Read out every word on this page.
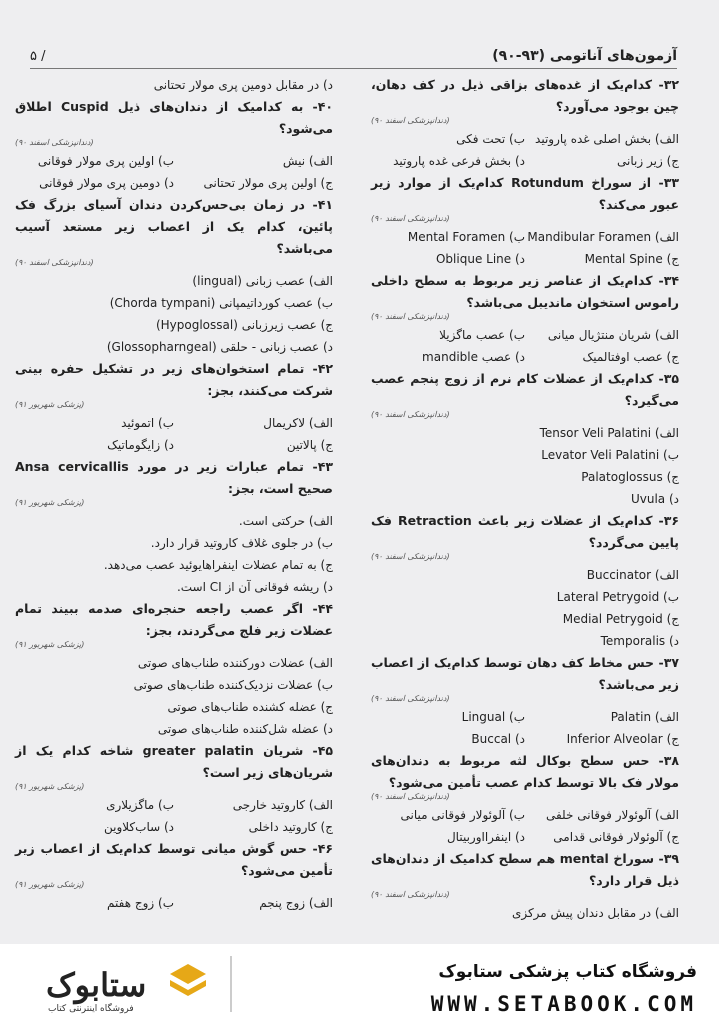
آزمون‌های آناتومی (۹۳-۹۰)
۵ /
۳۲- کدام‌یک از غده‌های بزاقی ذیل در کف دهان، چین بوجود می‌آورد؟
(دندانپزشکی اسفند ۹۰)
الف) بخش اصلی غده پاروتید
ب) تحت فکی
ج) زیر زبانی
د) بخش فرعی غده پاروتید
۳۳- از سوراخ Rotundum کدام‌یک از موارد زیر عبور می‌کند؟
(دندانپزشکی اسفند ۹۰)
الف) Mandibular Foramen
ب) Mental Foramen
ج) Mental Spine
د) Oblique Line
۳۴- کدام‌یک از عناصر زیر مربوط به سطح داخلی راموس استخوان ماندیبل می‌باشد؟
(دندانپزشکی اسفند ۹۰)
الف) شریان منتژیال میانی
ب) عصب ماگزیلا
ج) عصب اوفتالمیک
د) عصب mandible
۳۵- کدام‌یک از عضلات کام نرم از زوج پنجم عصب می‌گیرد؟
(دندانپزشکی اسفند ۹۰)
الف) Tensor Veli Palatini
ب) Levator Veli Palatini
ج) Palatoglossus
د) Uvula
۳۶- کدام‌یک از عضلات زیر باعث Retraction فک پایین می‌گردد؟
(دندانپزشکی اسفند ۹۰)
الف) Buccinator
ب) Lateral Petrygoid
ج) Medial Petrygoid
د) Temporalis
۳۷- حس مخاط کف دهان توسط کدام‌یک از اعصاب زیر می‌باشد؟
(دندانپزشکی اسفند ۹۰)
الف) Palatin
ب) Lingual
ج) Inferior Alveolar
د) Buccal
۳۸- حس سطح بوکال لثه مربوط به دندان‌های مولار فک بالا توسط کدام عصب تأمین می‌شود؟
(دندانپزشکی اسفند ۹۰)
الف) آلوئولار فوقانی خلفی
ب) آلوئولار فوقانی میانی
ج) آلوئولار فوقانی قدامی
د) اینفرااوربیتال
۳۹- سوراخ mental هم سطح کدامیک از دندان‌های ذیل قرار دارد؟
(دندانپزشکی اسفند ۹۰)
الف) در مقابل دندان پیش مرکزی
د) در مقابل دومین پری مولار تحتانی
۴۰- به کدامیک از دندان‌های ذیل Cuspid اطلاق می‌شود؟
(دندانپزشکی اسفند ۹۰)
الف) نیش
ب) اولین پری مولار فوقانی
ج) اولین پری مولار تحتانی
د) دومین پری مولار فوقانی
۴۱- در زمان بی‌حس‌کردن دندان آسیای بزرگ فک پائین، کدام یک از اعصاب زیر مستعد آسیب می‌باشد؟
(دندانپزشکی اسفند ۹۰)
الف) عصب زبانی (lingual)
ب) عصب کورداتیمپانی (Chorda tympani)
ج) عصب زیرزبانی (Hypoglossal)
د) عصب زبانی - حلقی (Glossopharngeal)
۴۲- تمام استخوان‌های زیر در تشکیل حفره بینی شرکت می‌کنند، بجز:
(پزشکی شهریور ۹۱)
الف) لاکریمال
ب) اتموئید
ج) پالاتین
د) زایگوماتیک
۴۳- تمام عبارات زیر در مورد Ansa cervicallis صحیح است، بجز:
(پزشکی شهریور ۹۱)
الف) حرکتی است.
ب) در جلوی غلاف کاروتید قرار دارد.
ج) به تمام عضلات اینفراهایوئید عصب می‌دهد.
د) ریشه فوقانی آن از CI است.
۴۴- اگر عصب راجعه حنجره‌ای صدمه ببیند تمام عضلات زیر فلج می‌گردند، بجز:
(پزشکی شهریور ۹۱)
الف) عضلات دورکننده طناب‌های صوتی
ب) عضلات نزدیک‌کننده طناب‌های صوتی
ج) عضله کشنده طناب‌های صوتی
د) عضله شل‌کننده طناب‌های صوتی
۴۵- شریان greater palatin شاخه کدام یک از شریان‌های زیر است؟
(پزشکی شهریور ۹۱)
الف) کاروتید خارجی
ب) ماگزیلاری
ج) کاروتید داخلی
د) ساب‌کلاوین
۴۶- حس گوش میانی توسط کدام‌یک از اعصاب زیر تأمین می‌شود؟
(پزشکی شهریور ۹۱)
الف) زوج پنجم
ب) زوج هفتم
ستابوک
فروشگاه اینترنتی کتاب
فروشگاه کتاب پزشکی ستابوک
WWW.SETABOOK.COM
